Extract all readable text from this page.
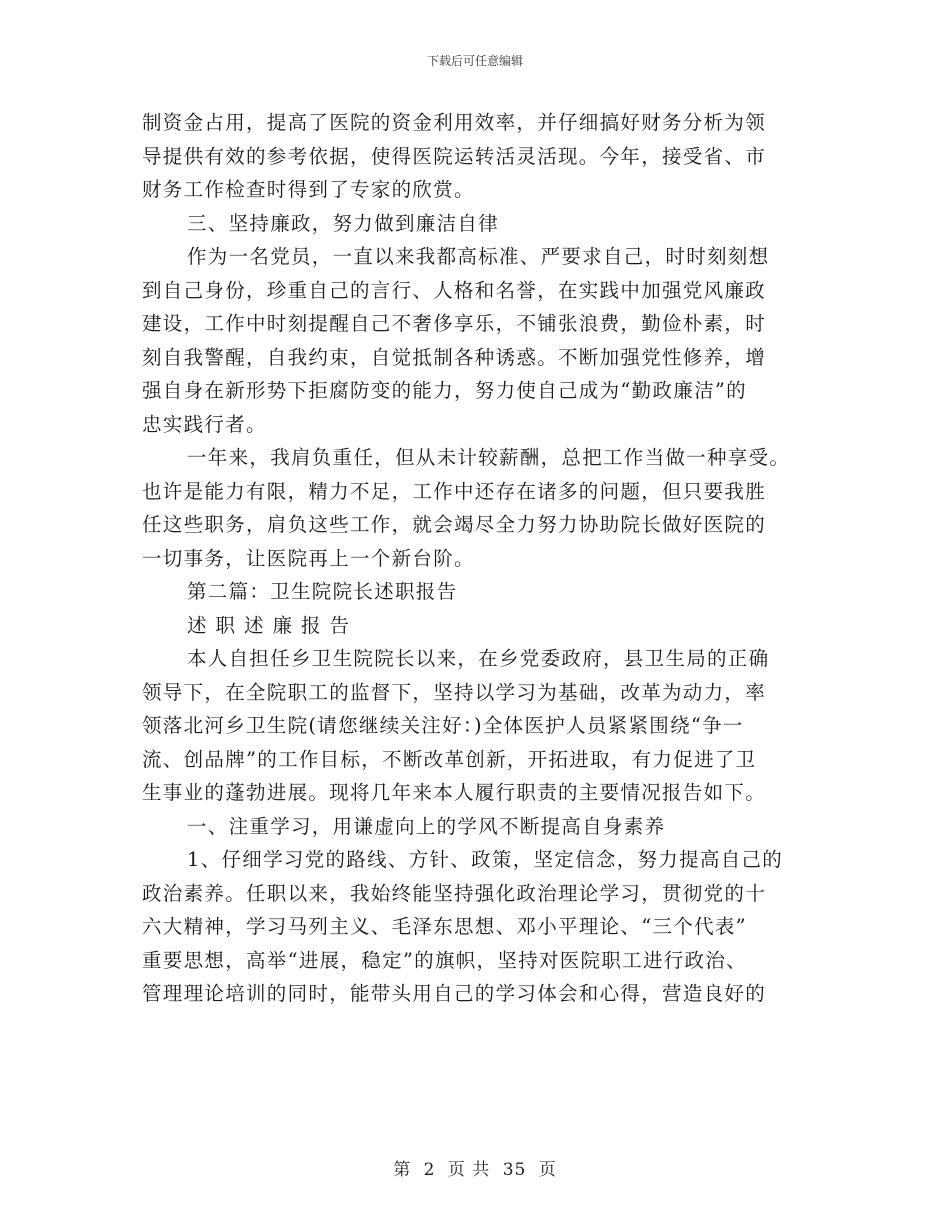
下载后可任意编辑
制资金占用，提高了医院的资金利用效率，并仔细搞好财务分析为领
导提供有效的参考依据，使得医院运转活灵活现。今年，接受省、市
财务工作检查时得到了专家的欣赏。
三、坚持廉政，努力做到廉洁自律
作为一名党员，一直以来我都高标准、严要求自己，时时刻刻想
到自己身份，珍重自己的言行、人格和名誉，在实践中加强党风廉政
建设，工作中时刻提醒自己不奢侈享乐，不铺张浪费，勤俭朴素，时
刻自我警醒，自我约束，自觉抵制各种诱惑。不断加强党性修养，增
强自身在新形势下拒腐防变的能力，努力使自己成为“勤政廉洁”的
忠实践行者。
一年来，我肩负重任，但从未计较薪酬，总把工作当做一种享受。
也许是能力有限，精力不足，工作中还存在诸多的问题，但只要我胜
任这些职务，肩负这些工作，就会竭尽全力努力协助院长做好医院的
一切事务，让医院再上一个新台阶。
第二篇：卫生院院长述职报告
述职述廉报告
本人自担任乡卫生院院长以来，在乡党委政府，县卫生局的正确
领导下，在全院职工的监督下，坚持以学习为基础，改革为动力，率
领落北河乡卫生院(请您继续关注好：)全体医护人员紧紧围绕“争一
流、创品牌”的工作目标，不断改革创新，开拓进取，有力促进了卫
生事业的蓬勃进展。现将几年来本人履行职责的主要情况报告如下。
一、注重学习，用谦虚向上的学风不断提高自身素养
1、仔细学习党的路线、方针、政策，坚定信念，努力提高自己的
政治素养。任职以来，我始终能坚持强化政治理论学习，贯彻党的十
六大精神，学习马列主义、毛泽东思想、邓小平理论、“三个代表”
重要思想，高举“进展，稳定”的旗帜，坚持对医院职工进行政治、
管理理论培训的同时，能带头用自己的学习体会和心得，营造良好的
第 2 页 共 35 页
